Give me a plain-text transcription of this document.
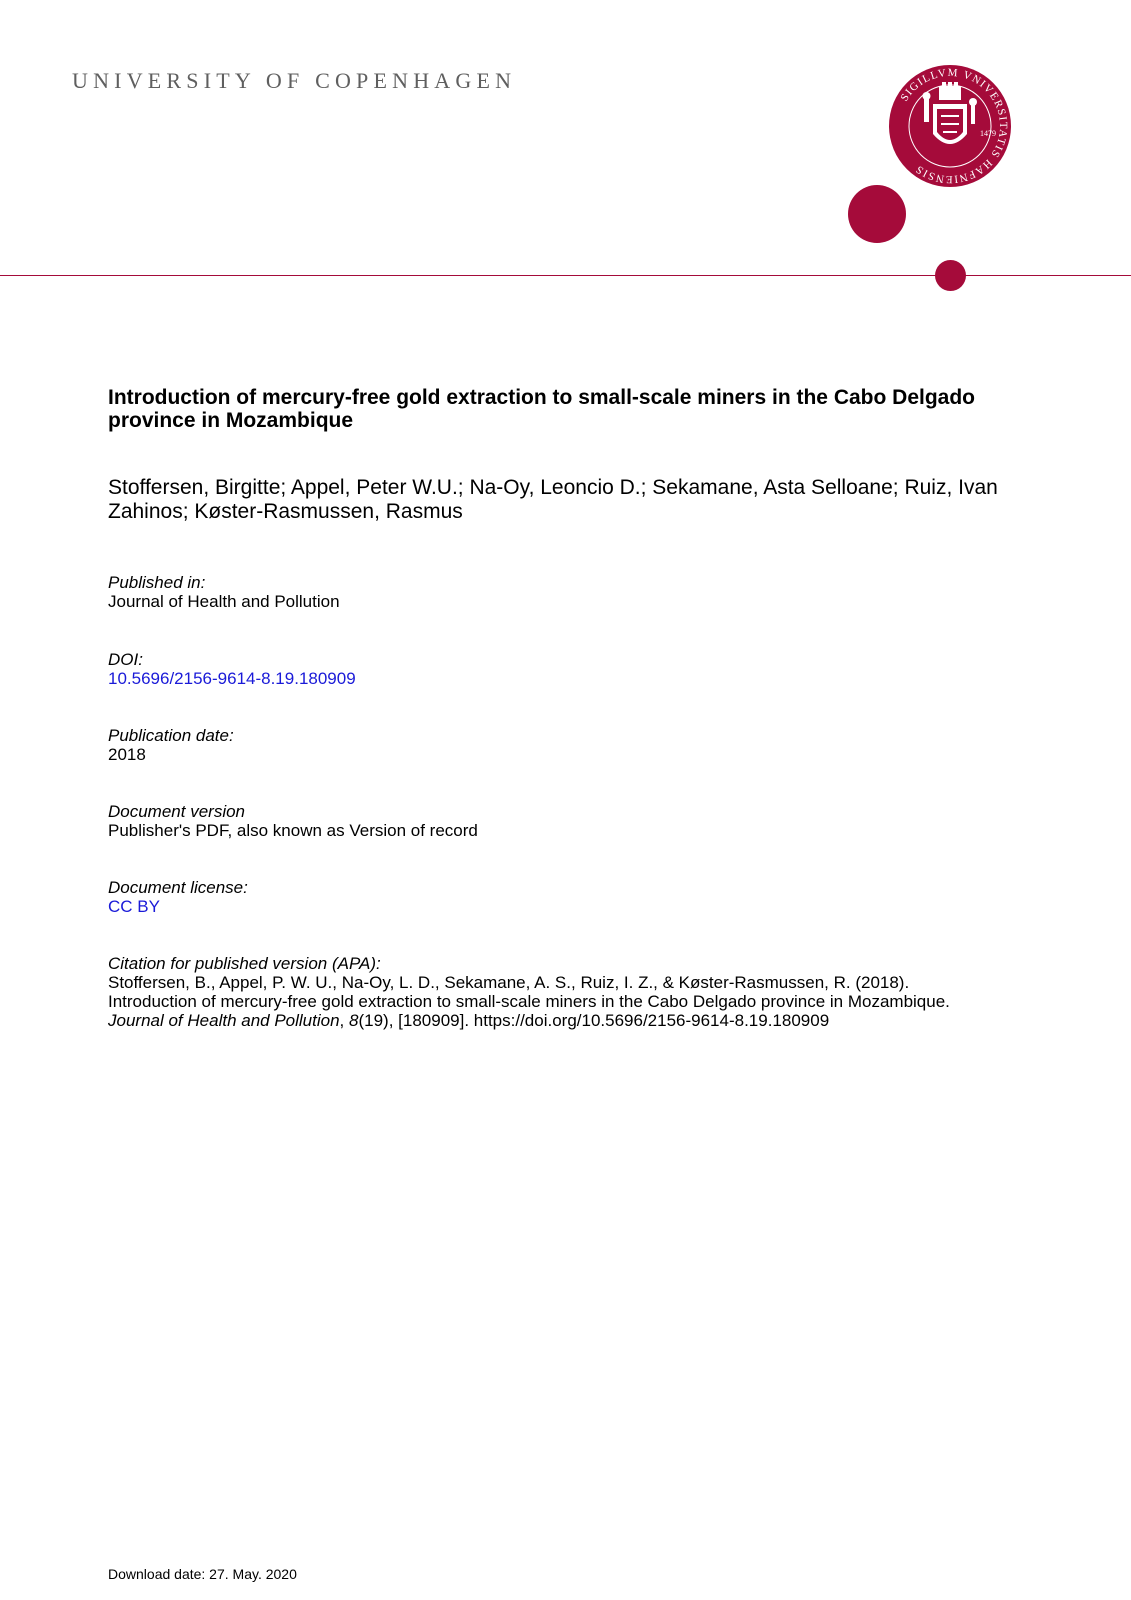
UNIVERSITY OF COPENHAGEN
SIGILLVM VNIVERSITATIS HAFNIENSIS
1479
Introduction of mercury-free gold extraction to small-scale miners in the Cabo Delgado province in Mozambique
Stoffersen, Birgitte; Appel, Peter W.U.; Na-Oy, Leoncio D.; Sekamane, Asta Selloane; Ruiz, Ivan Zahinos; Køster-Rasmussen, Rasmus
Published in:
Journal of Health and Pollution
DOI:
10.5696/2156-9614-8.19.180909
Publication date:
2018
Document version
Publisher's PDF, also known as Version of record
Document license:
CC BY
Citation for published version (APA):
Stoffersen, B., Appel, P. W. U., Na-Oy, L. D., Sekamane, A. S., Ruiz, I. Z., & Køster-Rasmussen, R. (2018).
Introduction of mercury-free gold extraction to small-scale miners in the Cabo Delgado province in Mozambique.
Journal of Health and Pollution, 8(19), [180909]. https://doi.org/10.5696/2156-9614-8.19.180909
Download date: 27. May. 2020
